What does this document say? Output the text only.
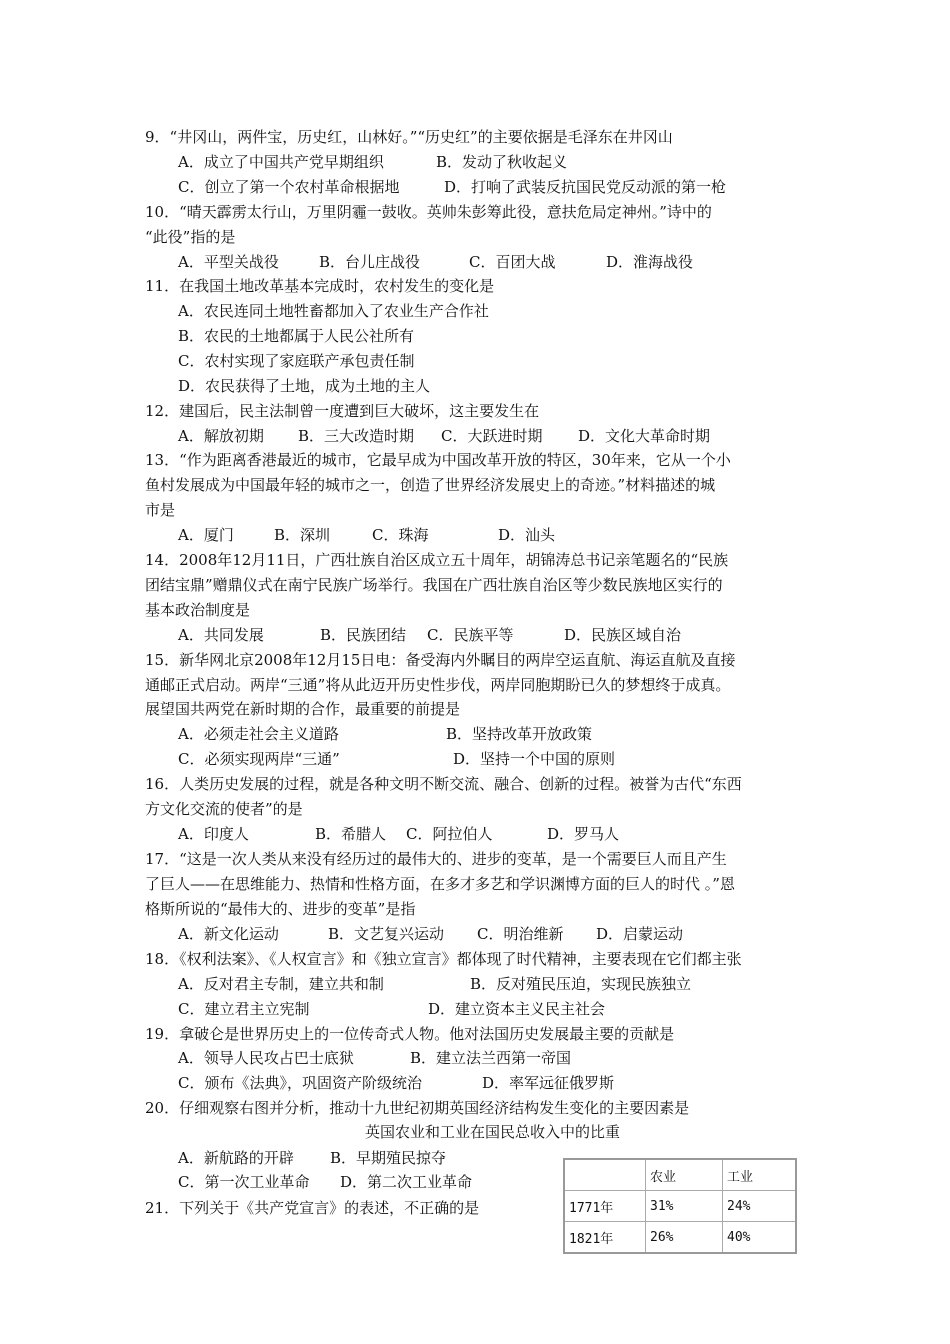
9．“井冈山，两件宝，历史红，山林好。”“历史红”的主要依据是毛泽东在井冈山
A．成立了中国共产党早期组织	B．发动了秋收起义
C．创立了第一个农村革命根据地	D．打响了武装反抗国民党反动派的第一枪
10．“晴天霹雳太行山，万里阴霾一鼓收。英帅朱彭筹此役，意扶危局定神州。”诗中的
“此役”指的是
A．平型关战役	B．台儿庄战役	C．百团大战	D．淮海战役
11．在我国土地改革基本完成时，农村发生的变化是
A．农民连同土地牲畜都加入了农业生产合作社
B．农民的土地都属于人民公社所有
C．农村实现了家庭联产承包责任制
D．农民获得了土地，成为土地的主人
12．建国后，民主法制曾一度遭到巨大破坏，这主要发生在
A．解放初期 B．三大改造时期 C．大跃进时期 D．文化大革命时期
13．“作为距离香港最近的城市，它最早成为中国改革开放的特区，30年来，它从一个小
鱼村发展成为中国最年轻的城市之一，创造了世界经济发展史上的奇迹。”材料描述的城
市是
A．厦门	B．深圳	C．珠海	D．汕头
14．2008年12月11日，广西壮族自治区成立五十周年，胡锦涛总书记亲笔题名的“民族
团结宝鼎”赠鼎仪式在南宁民族广场举行。我国在广西壮族自治区等少数民族地区实行的
基本政治制度是
A．共同发展	B．民族团结 C．民族平等	D．民族区域自治
15．新华网北京2008年12月15日电：备受海内外瞩目的两岸空运直航、海运直航及直接
通邮正式启动。两岸“三通”将从此迈开历史性步伐，两岸同胞期盼已久的梦想终于成真。
展望国共两党在新时期的合作，最重要的前提是
A．必须走社会主义道路	B．坚持改革开放政策
C．必须实现两岸“三通”	D．坚持一个中国的原则
16．人类历史发展的过程，就是各种文明不断交流、融合、创新的过程。被誉为古代“东西
方文化交流的使者”的是
A．印度人	B．希腊人 C．阿拉伯人	D．罗马人
17．“这是一次人类从来没有经历过的最伟大的、进步的变革，是一个需要巨人而且产生
了巨人——在思维能力、热情和性格方面，在多才多艺和学识渊博方面的巨人的时代 。”恩
格斯所说的“最伟大的、进步的变革”是指
A．新文化运动	B．文艺复兴运动 C．明治维新 D．启蒙运动
18．《权利法案》、《人权宣言》和《独立宣言》都体现了时代精神，主要表现在它们都主张
A．反对君主专制，建立共和制	B．反对殖民压迫，实现民族独立
C．建立君主立宪制	D．建立资本主义民主社会
19．拿破仑是世界历史上的一位传奇式人物。他对法国历史发展最主要的贡献是
A．领导人民攻占巴士底狱	B．建立法兰西第一帝国
C．颁布《法典》，巩固资产阶级统治	D．率军远征俄罗斯
20．仔细观察右图并分析，推动十九世纪初期英国经济结构发生变化的主要因素是
英国农业和工业在国民总收入中的比重
A．新航路的开辟 B．早期殖民掠夺
C．第一次工业革命 D．第二次工业革命
21．下列关于《共产党宣言》的表述，不正确的是
	农业	工业
1771年	31%	24%
1821年	26%	40%
